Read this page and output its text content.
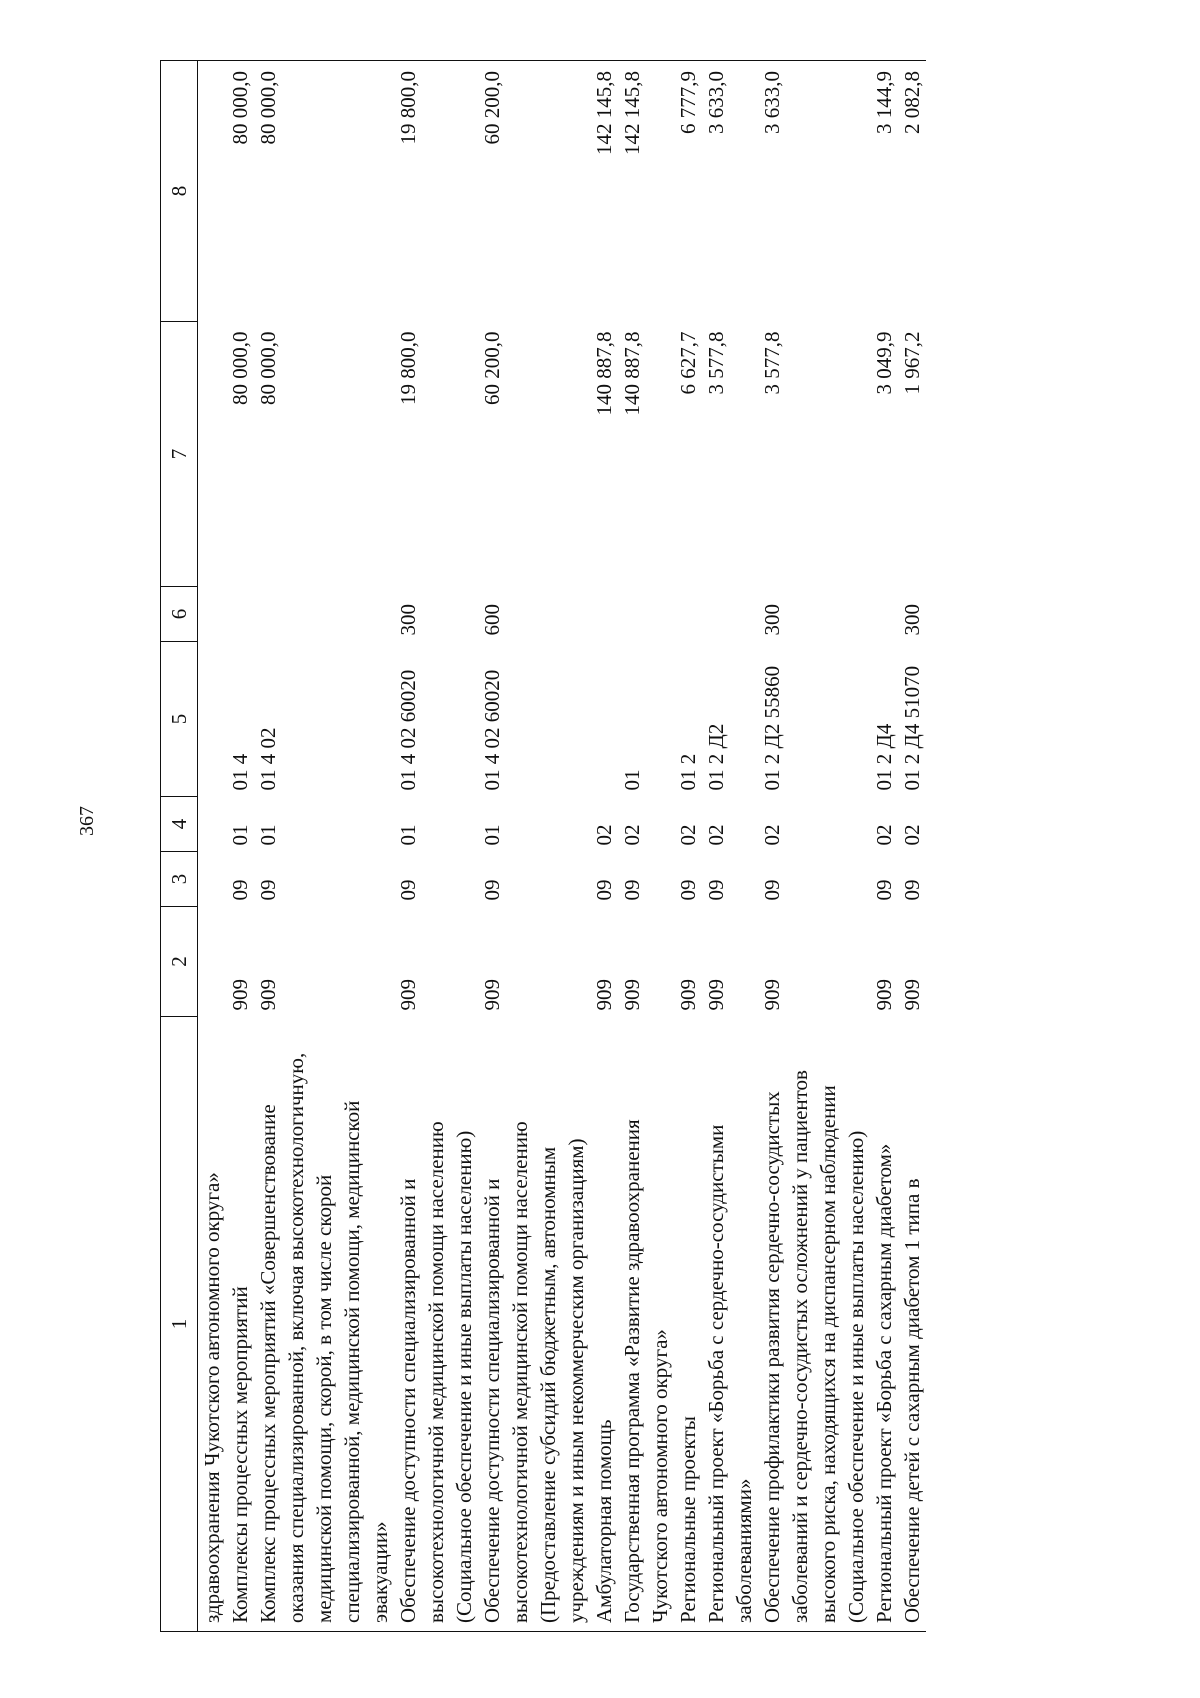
367
1	2	3	4	5	6	7	8
здравоохранения Чукотского автономного округа»							
Комплексы процессных мероприятий	909	09	01	01 4		80 000,0	80 000,0
Комплекс процессных мероприятий «Совершенствование оказания специализированной, включая высокотехнологичную, медицинской помощи, скорой, в том числе скорой специализированной, медицинской помощи, медицинской эвакуации»	909	09	01	01 4 02		80 000,0	80 000,0
Обеспечение доступности специализированной и высокотехнологичной медицинской помощи населению (Социальное обеспечение и иные выплаты населению)	909	09	01	01 4 02 60020	300	19 800,0	19 800,0
Обеспечение доступности специализированной и высокотехнологичной медицинской помощи населению (Предоставление субсидий бюджетным, автономным учреждениям и иным некоммерческим организациям)	909	09	01	01 4 02 60020	600	60 200,0	60 200,0
Амбулаторная помощь	909	09	02			140 887,8	142 145,8
Государственная программа «Развитие здравоохранения Чукотского автономного округа»	909	09	02	01		140 887,8	142 145,8
Региональные проекты	909	09	02	01 2		6 627,7	6 777,9
Региональный проект «Борьба с сердечно-сосудистыми заболеваниями»	909	09	02	01 2 Д2		3 577,8	3 633,0
Обеспечение профилактики развития сердечно-сосудистых заболеваний и сердечно-сосудистых осложнений у пациентов высокого риска, находящихся на диспансерном наблюдении (Социальное обеспечение и иные выплаты населению)	909	09	02	01 2 Д2 55860	300	3 577,8	3 633,0
Региональный проект «Борьба с сахарным диабетом»	909	09	02	01 2 Д4		3 049,9	3 144,9
Обеспечение детей с сахарным диабетом 1 типа в	909	09	02	01 2 Д4 51070	300	1 967,2	2 082,8
